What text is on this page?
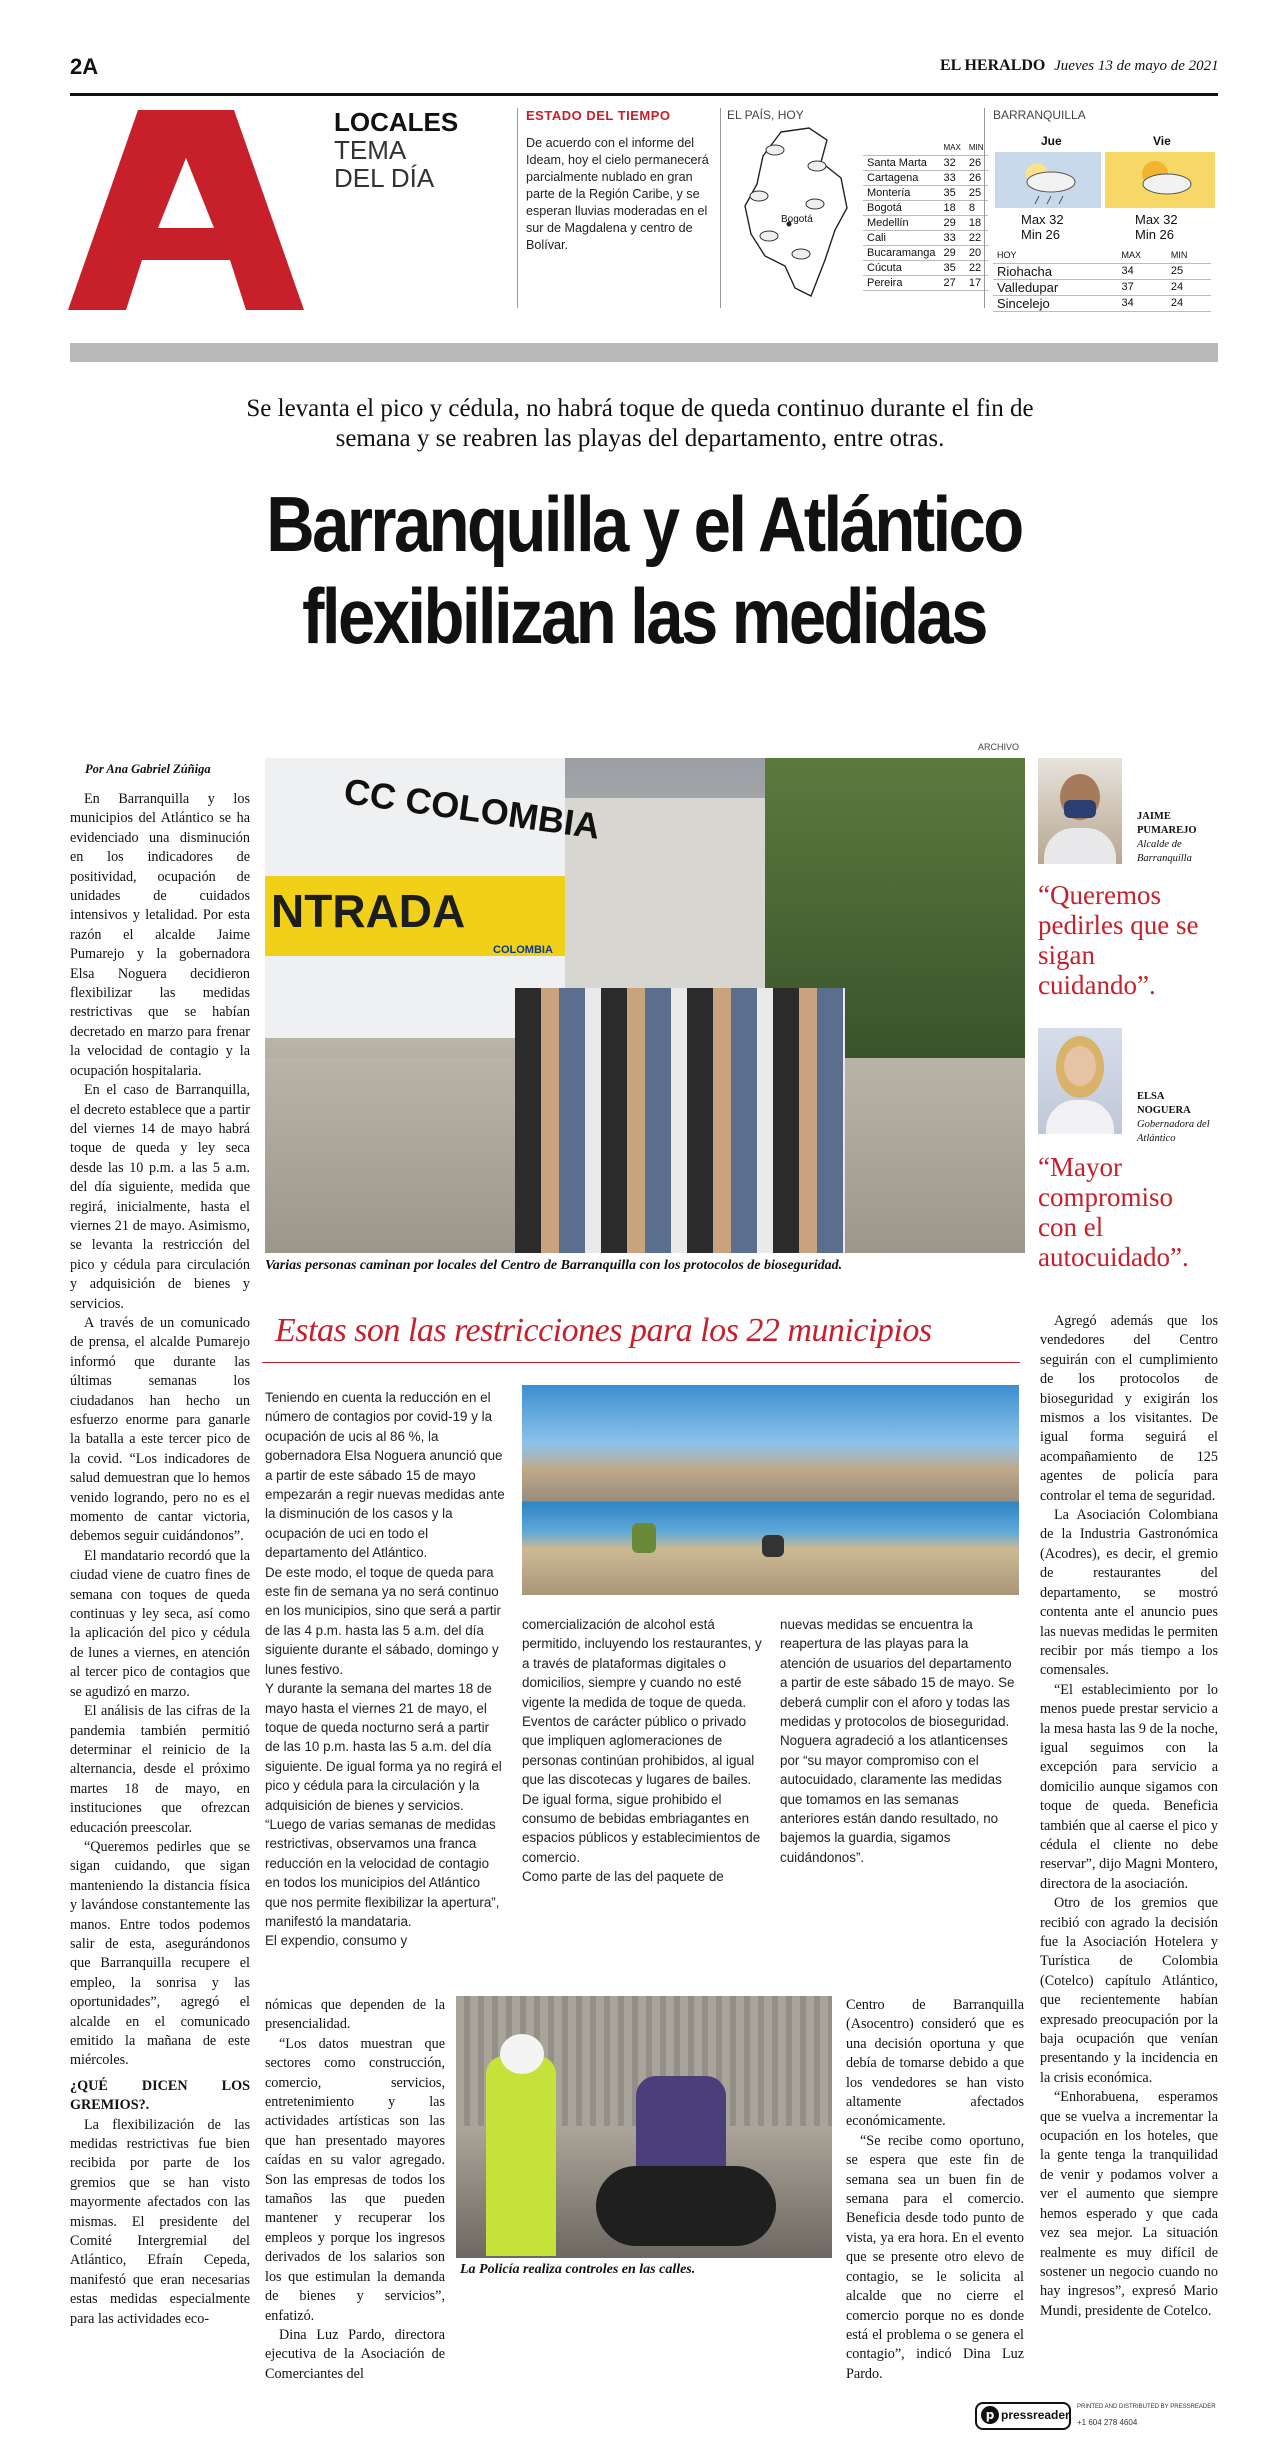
2A	EL HERALDO Jueves 13 de mayo de 2021
LOCALES
TEMA
DEL DÍA
ESTADO DEL TIEMPO
De acuerdo con el informe del Ideam, hoy el cielo permanecerá parcialmente nublado en gran parte de la Región Caribe, y se esperan lluvias moderadas en el sur de Magdalena y centro de Bolívar.
EL PAÍS, HOY
Bogotá
	MAX	MIN
Santa Marta	32	26
Cartagena	33	26
Montería	35	25
Bogotá	18	8
Medellín	29	18
Cali	33	22
Bucaramanga	29	20
Cúcuta	35	22
Pereira	27	17
BARRANQUILLA
Jue	Vie
Max 32
Min 26
Max 32
Min 26
HOY	MAX	MIN
Riohacha	34	25
Valledupar	37	24
Sincelejo	34	24
Se levanta el pico y cédula, no habrá toque de queda continuo durante el fin de semana y se reabren las playas del departamento, entre otras.
Barranquilla y el Atlántico
flexibilizan las medidas
Por Ana Gabriel Zúñiga
ARCHIVO
CC COLOMBIA
NTRADA
COLOMBIA
Varias personas caminan por locales del Centro de Barranquilla con los protocolos de bioseguridad.
JAIME PUMAREJO
Alcalde de Barranquilla
“Queremos pedirles que se sigan cuidando”.
ELSA NOGUERA
Gobernadora del Atlántico
“Mayor compromiso con el autocuidado”.

En Barranquilla y los municipios del Atlántico se ha evidenciado una disminución en los indicadores de positividad, ocupación de unidades de cuidados intensivos y letalidad. Por esta razón el alcalde Jaime Pumarejo y la gobernadora Elsa Noguera decidieron flexibilizar las medidas restrictivas que se habían decretado en marzo para frenar la velocidad de contagio y la ocupación hospitalaria.

En el caso de Barranquilla, el decreto establece que a partir del viernes 14 de mayo habrá toque de queda y ley seca desde las 10 p.m. a las 5 a.m. del día siguiente, medida que regirá, inicialmente, hasta el viernes 21 de mayo. Asimismo, se levanta la restricción del pico y cédula para circulación y adquisición de bienes y servicios.

A través de un comunicado de prensa, el alcalde Pumarejo informó que durante las últimas semanas los ciudadanos han hecho un esfuerzo enorme para ganarle la batalla a este tercer pico de la covid. “Los indicadores de salud demuestran que lo hemos venido logrando, pero no es el momento de cantar victoria, debemos seguir cuidándonos”.

El mandatario recordó que la ciudad viene de cuatro fines de semana con toques de queda continuas y ley seca, así como la aplicación del pico y cédula de lunes a viernes, en atención al tercer pico de contagios que se agudizó en marzo.

El análisis de las cifras de la pandemia también permitió determinar el reinicio de la alternancia, desde el próximo martes 18 de mayo, en instituciones que ofrezcan educación preescolar.

“Queremos pedirles que se sigan cuidando, que sigan manteniendo la distancia física y lavándose constantemente las manos. Entre todos podemos salir de esta, asegurándonos que Barranquilla recupere el empleo, la sonrisa y las oportunidades”, agregó el alcalde en el comunicado emitido la mañana de este miércoles.

¿QUÉ DICEN LOS GREMIOS?.

La flexibilización de las medidas restrictivas fue bien recibida por parte de los gremios que se han visto mayormente afectados con las mismas. El presidente del Comité Intergremial del Atlántico, Efraín Cepeda, manifestó que eran necesarias estas medidas especialmente para las actividades eco-

Estas son las restricciones para los 22 municipios

Teniendo en cuenta la reducción en el número de contagios por covid-19 y la ocupación de ucis al 86 %, la gobernadora Elsa Noguera anunció que a partir de este sábado 15 de mayo empezarán a regir nuevas medidas ante la disminución de los casos y la ocupación de uci en todo el departamento del Atlántico.

De este modo, el toque de queda para este fin de semana ya no será continuo en los municipios, sino que será a partir de las 4 p.m. hasta las 5 a.m. del día siguiente durante el sábado, domingo y lunes festivo.

Y durante la semana del martes 18 de mayo hasta el viernes 21 de mayo, el toque de queda nocturno será a partir de las 10 p.m. hasta las 5 a.m. del día siguiente. De igual forma ya no regirá el pico y cédula para la circulación y la adquisición de bienes y servicios.

“Luego de varias semanas de medidas restrictivas, observamos una franca reducción en la velocidad de contagio en todos los municipios del Atlántico que nos permite flexibilizar la apertura”, manifestó la mandataria.

El expendio, consumo y

comercialización de alcohol está permitido, incluyendo los restaurantes, y a través de plataformas digitales o domicilios, siempre y cuando no esté vigente la medida de toque de queda.

Eventos de carácter público o privado que impliquen aglomeraciones de personas continúan prohibidos, al igual que las discotecas y lugares de bailes. De igual forma, sigue prohibido el consumo de bebidas embriagantes en espacios públicos y establecimientos de comercio.

Como parte de las del paquete de

nuevas medidas se encuentra la reapertura de las playas para la atención de usuarios del departamento a partir de este sábado 15 de mayo. Se deberá cumplir con el aforo y todas las medidas y protocolos de bioseguridad.

Noguera agradeció a los atlanticenses por “su mayor compromiso con el autocuidado, claramente las medidas que tomamos en las semanas anteriores están dando resultado, no bajemos la guardia, sigamos cuidándonos”.

nómicas que dependen de la presencialidad.

“Los datos muestran que sectores como construcción, comercio, servicios, entretenimiento y las actividades artísticas son las que han presentado mayores caídas en su valor agregado. Son las empresas de todos los tamaños las que pueden mantener y recuperar los empleos y porque los ingresos derivados de los salarios son los que estimulan la demanda de bienes y servicios”, enfatizó.

Dina Luz Pardo, directora ejecutiva de la Asociación de Comerciantes del

La Policía realiza controles en las calles.

Centro de Barranquilla (Asocentro) consideró que es una decisión oportuna y que debía de tomarse debido a que los vendedores se han visto altamente afectados económicamente.

“Se recibe como oportuno, se espera que este fin de semana sea un buen fin de semana para el comercio. Beneficia desde todo punto de vista, ya era hora. En el evento que se presente otro elevo de contagio, se le solicita al alcalde que no cierre el comercio porque no es donde está el problema o se genera el contagio”, indicó Dina Luz Pardo.

Agregó además que los vendedores del Centro seguirán con el cumplimiento de los protocolos de bioseguridad y exigirán los mismos a los visitantes. De igual forma seguirá el acompañamiento de 125 agentes de policía para controlar el tema de seguridad.

La Asociación Colombiana de la Industria Gastronómica (Acodres), es decir, el gremio de restaurantes del departamento, se mostró contenta ante el anuncio pues las nuevas medidas le permiten recibir por más tiempo a los comensales.

“El establecimiento por lo menos puede prestar servicio a la mesa hasta las 9 de la noche, igual seguimos con la excepción para servicio a domicilio aunque sigamos con toque de queda. Beneficia también que al caerse el pico y cédula el cliente no debe reservar”, dijo Magni Montero, directora de la asociación.

Otro de los gremios que recibió con agrado la decisión fue la Asociación Hotelera y Turística de Colombia (Cotelco) capítulo Atlántico, que recientemente habían expresado preocupación por la baja ocupación que venían presentando y la incidencia en la crisis económica.

“Enhorabuena, esperamos que se vuelva a incrementar la ocupación en los hoteles, que la gente tenga la tranquilidad de venir y podamos volver a ver el aumento que siempre hemos esperado y que cada vez sea mejor. La situación realmente es muy difícil de sostener un negocio cuando no hay ingresos”, expresó Mario Mundi, presidente de Cotelco.

p pressreader
PRINTED AND DISTRIBUTED BY PRESSREADER
+1 604 278 4604
